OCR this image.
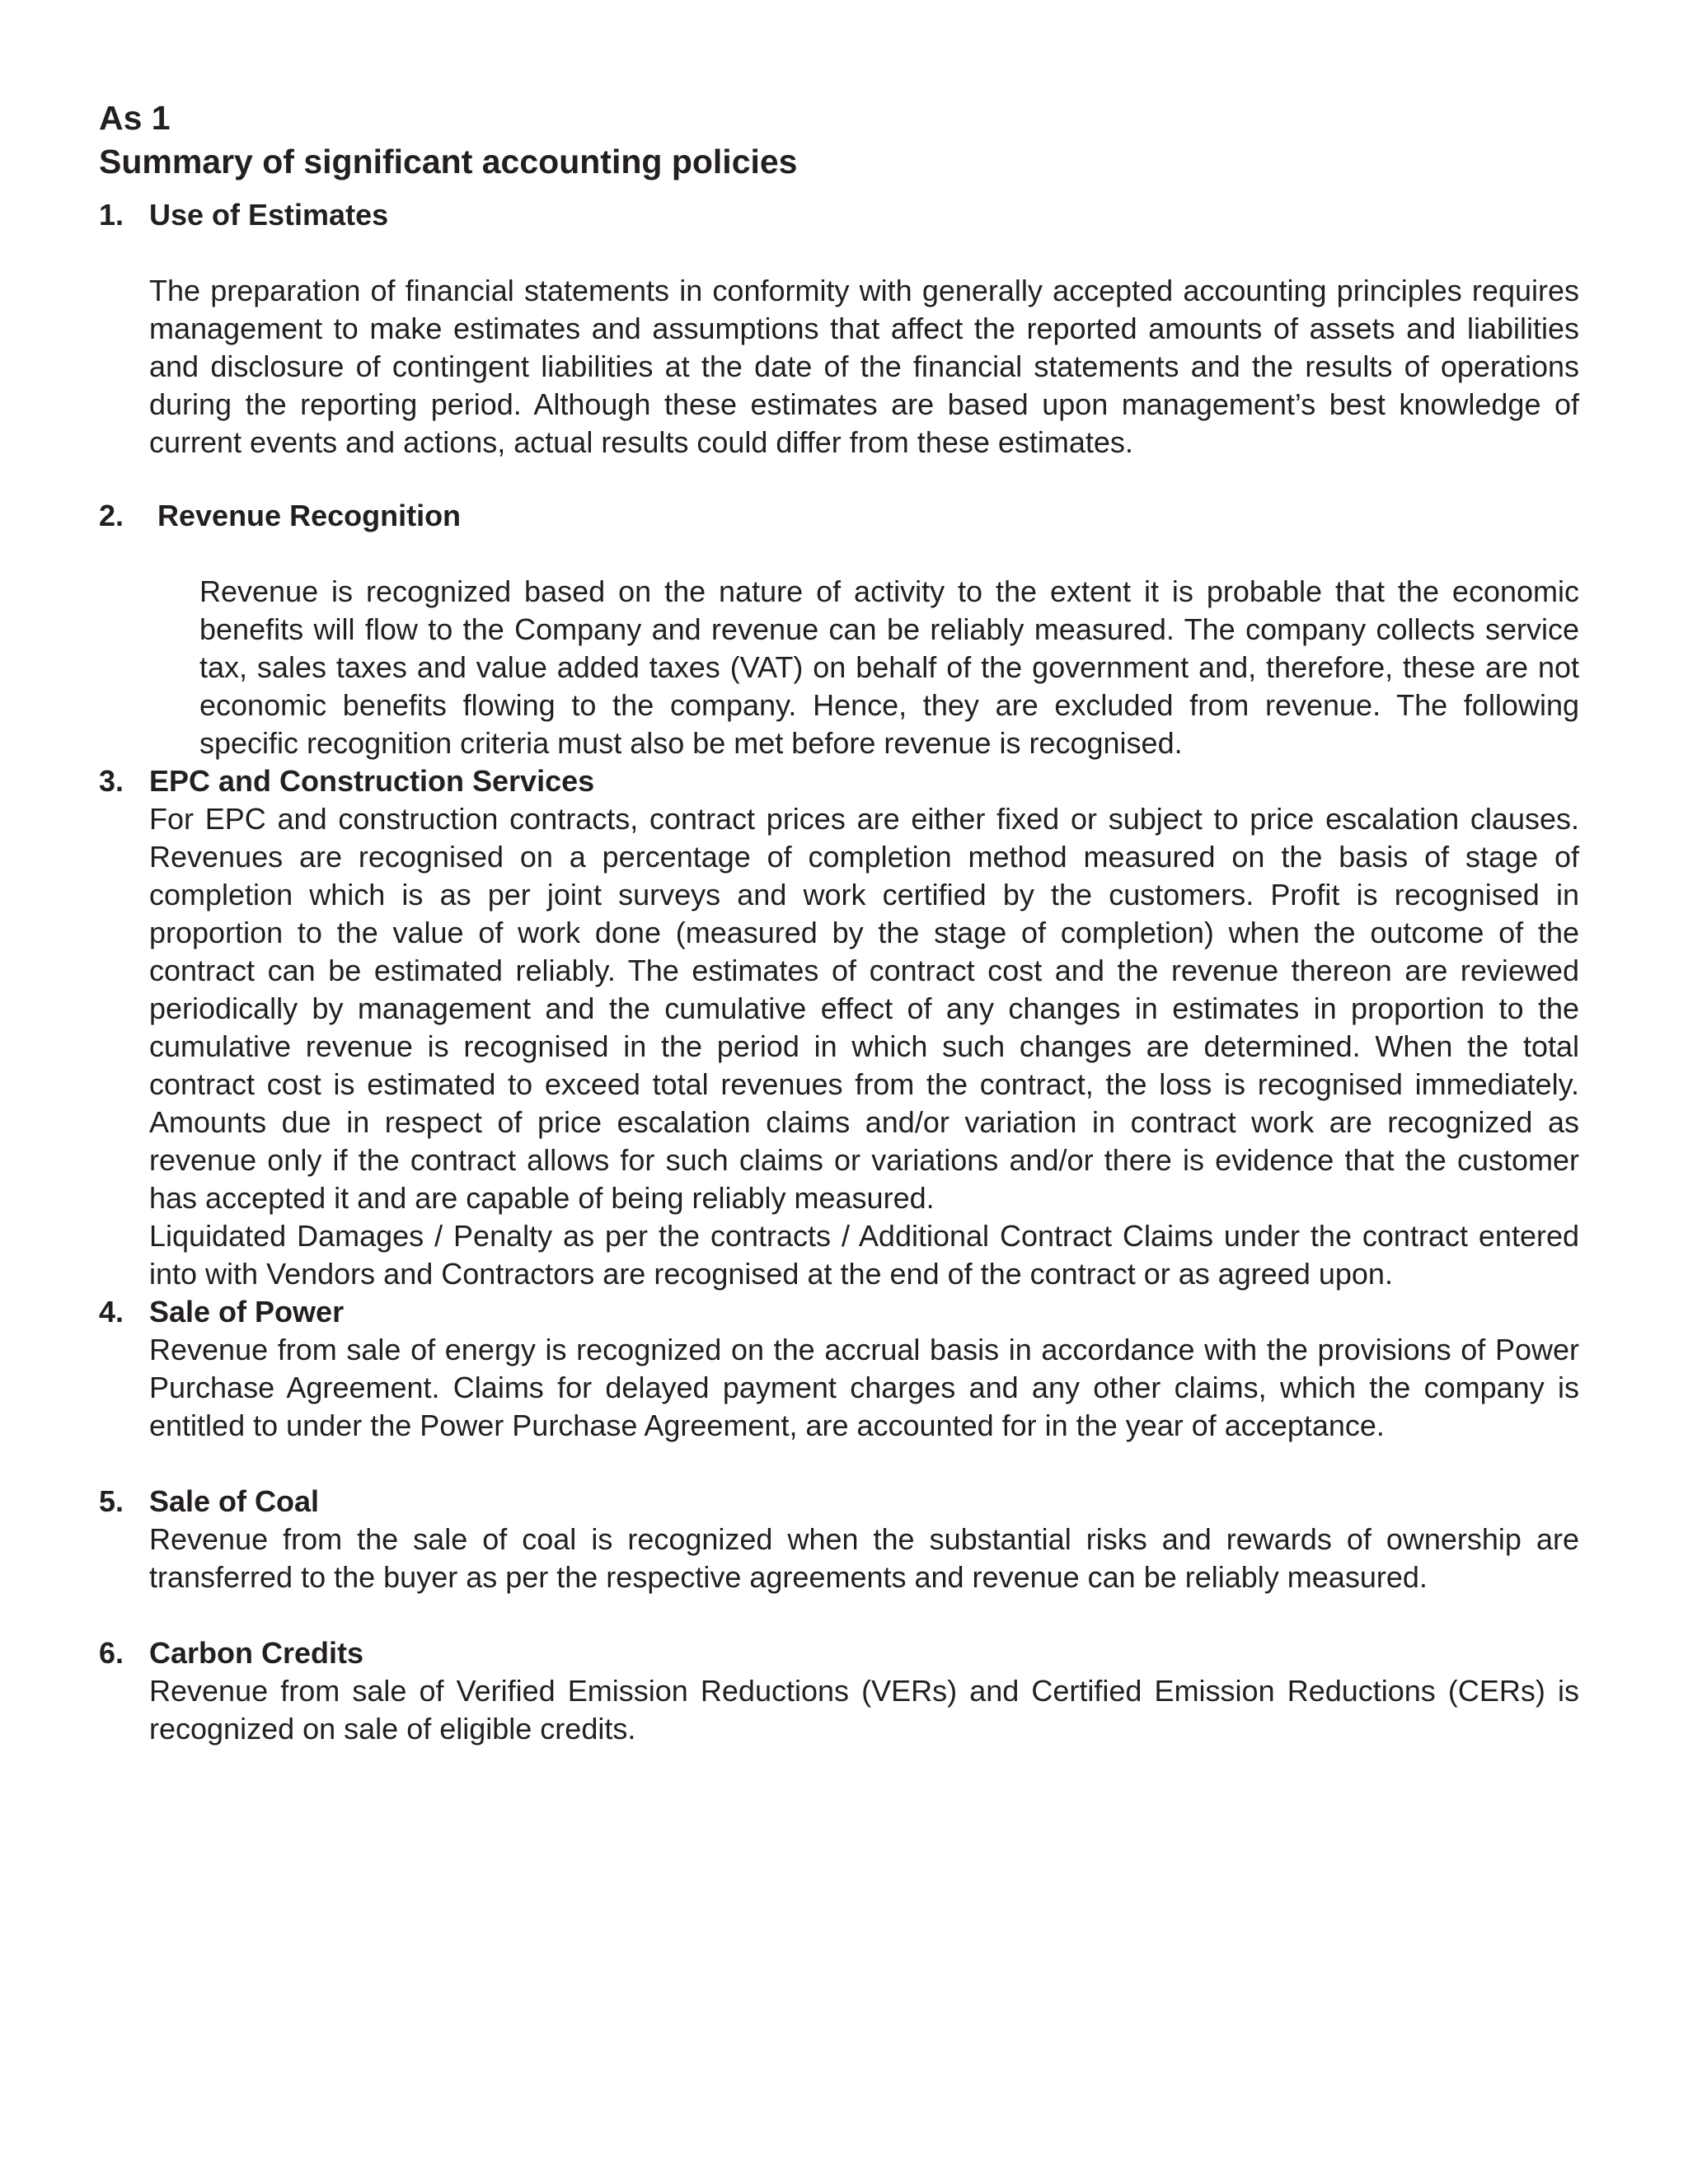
As 1
Summary of significant accounting policies
1. Use of Estimates
The preparation of financial statements in conformity with generally accepted accounting principles requires management to make estimates and assumptions that affect the reported amounts of assets and liabilities and disclosure of contingent liabilities at the date of the financial statements and the results of operations during the reporting period. Although these estimates are based upon management’s best knowledge of current events and actions, actual results could differ from these estimates.
2. Revenue Recognition
Revenue is recognized based on the nature of activity to the extent it is probable that the economic benefits will flow to the Company and revenue can be reliably measured. The company collects service tax, sales taxes and value added taxes (VAT) on behalf of the government and, therefore, these are not economic benefits flowing to the company. Hence, they are excluded from revenue. The following specific recognition criteria must also be met before revenue is recognised.
3. EPC and Construction Services
For EPC and construction contracts, contract prices are either fixed or subject to price escalation clauses. Revenues are recognised on a percentage of completion method measured on the basis of stage of completion which is as per joint surveys and work certified by the customers. Profit is recognised in proportion to the value of work done (measured by the stage of completion) when the outcome of the contract can be estimated reliably. The estimates of contract cost and the revenue thereon are reviewed periodically by management and the cumulative effect of any changes in estimates in proportion to the cumulative revenue is recognised in the period in which such changes are determined. When the total contract cost is estimated to exceed total revenues from the contract, the loss is recognised immediately. Amounts due in respect of price escalation claims and/or variation in contract work are recognized as revenue only if the contract allows for such claims or variations and/or there is evidence that the customer has accepted it and are capable of being reliably measured.
Liquidated Damages / Penalty as per the contracts / Additional Contract Claims under the contract entered into with Vendors and Contractors are recognised at the end of the contract or as agreed upon.
4. Sale of Power
Revenue from sale of energy is recognized on the accrual basis in accordance with the provisions of Power Purchase Agreement. Claims for delayed payment charges and any other claims, which the company is entitled to under the Power Purchase Agreement, are accounted for in the year of acceptance.
5. Sale of Coal
Revenue from the sale of coal is recognized when the substantial risks and rewards of ownership are transferred to the buyer as per the respective agreements and revenue can be reliably measured.
6. Carbon Credits
Revenue from sale of Verified Emission Reductions (VERs) and Certified Emission Reductions (CERs) is recognized on sale of eligible credits.
